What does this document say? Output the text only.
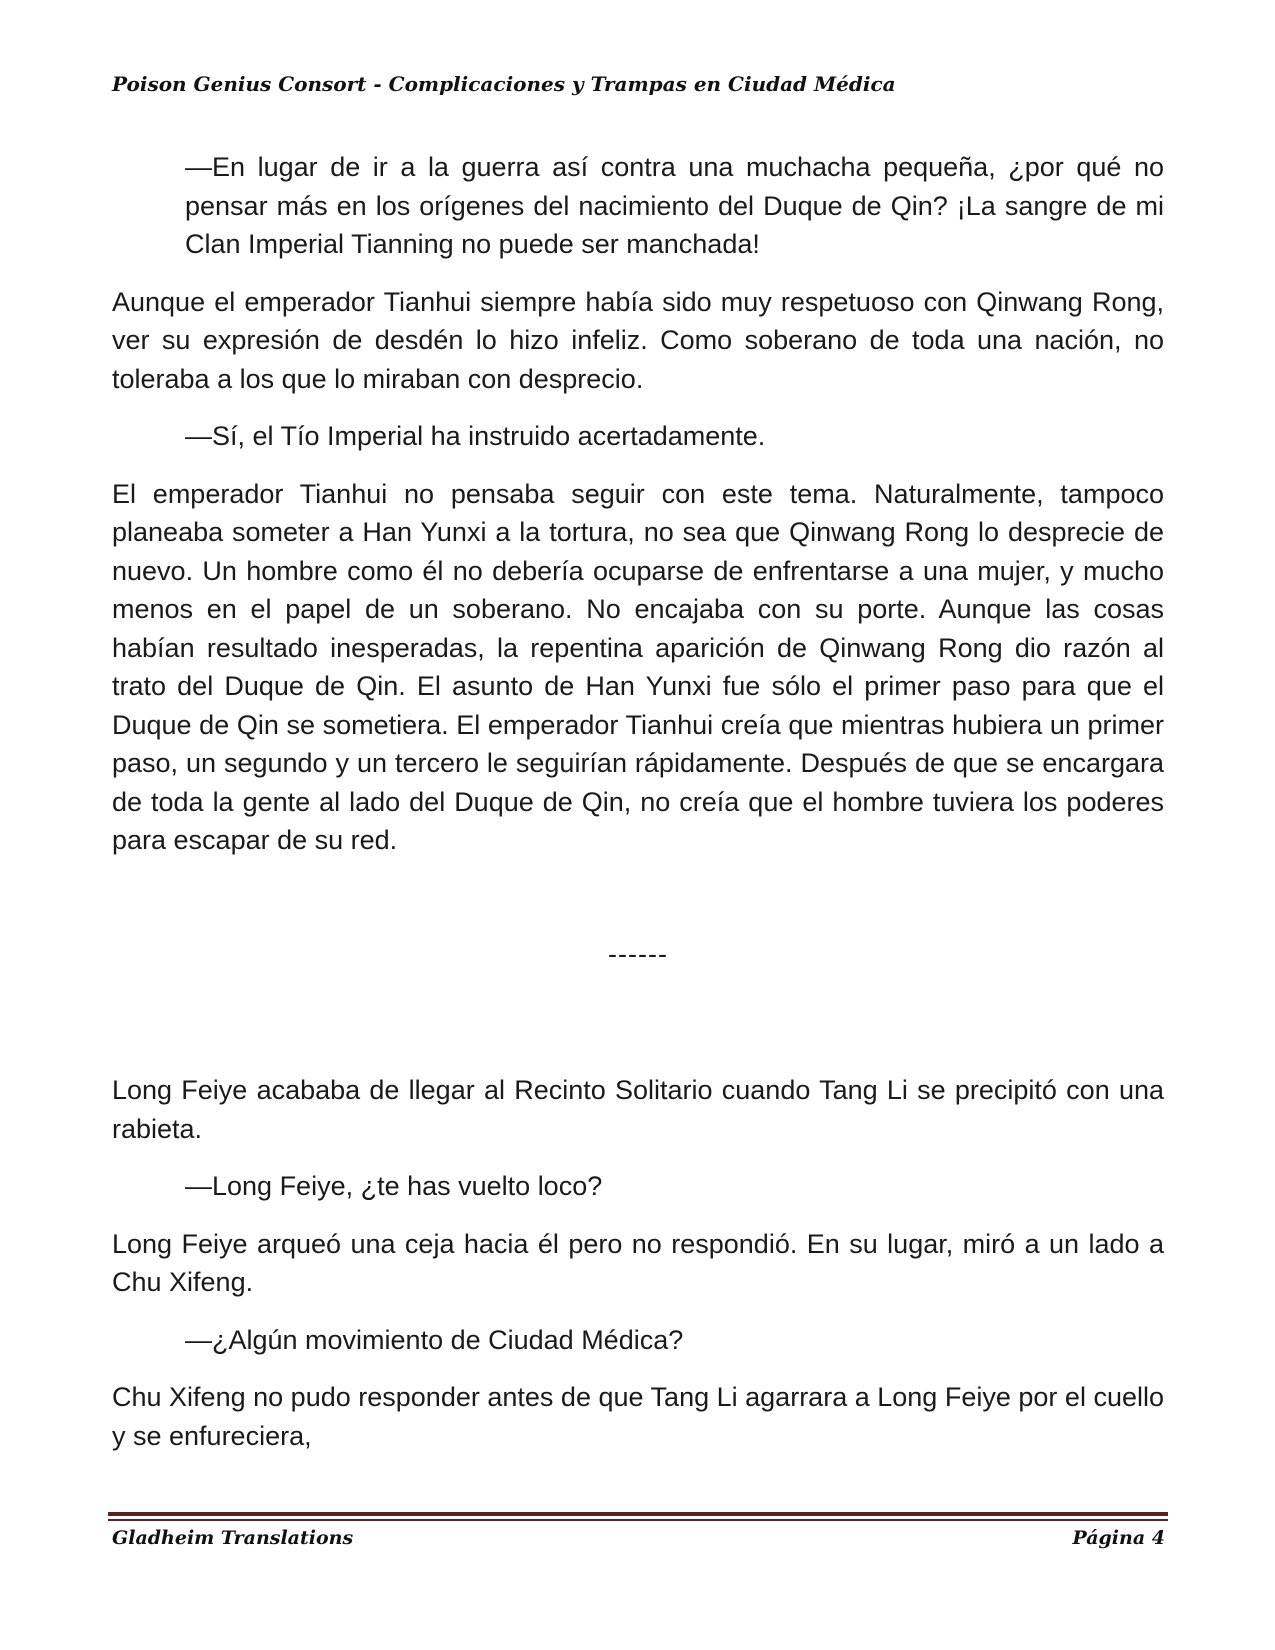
Poison Genius Consort - Complicaciones y Trampas en Ciudad Médica

—En lugar de ir a la guerra así contra una muchacha pequeña, ¿por qué no pensar más en los orígenes del nacimiento del Duque de Qin? ¡La sangre de mi Clan Imperial Tianning no puede ser manchada!

Aunque el emperador Tianhui siempre había sido muy respetuoso con Qinwang Rong, ver su expresión de desdén lo hizo infeliz. Como soberano de toda una nación, no toleraba a los que lo miraban con desprecio.

—Sí, el Tío Imperial ha instruido acertadamente.

El emperador Tianhui no pensaba seguir con este tema. Naturalmente, tampoco planeaba someter a Han Yunxi a la tortura, no sea que Qinwang Rong lo desprecie de nuevo. Un hombre como él no debería ocuparse de enfrentarse a una mujer, y mucho menos en el papel de un soberano. No encajaba con su porte. Aunque las cosas habían resultado inesperadas, la repentina aparición de Qinwang Rong dio razón al trato del Duque de Qin. El asunto de Han Yunxi fue sólo el primer paso para que el Duque de Qin se sometiera. El emperador Tianhui creía que mientras hubiera un primer paso, un segundo y un tercero le seguirían rápidamente. Después de que se encargara de toda la gente al lado del Duque de Qin, no creía que el hombre tuviera los poderes para escapar de su red.

------

Long Feiye acababa de llegar al Recinto Solitario cuando Tang Li se precipitó con una rabieta.

—Long Feiye, ¿te has vuelto loco?

Long Feiye arqueó una ceja hacia él pero no respondió. En su lugar, miró a un lado a Chu Xifeng.

—¿Algún movimiento de Ciudad Médica?

Chu Xifeng no pudo responder antes de que Tang Li agarrara a Long Feiye por el cuello y se enfureciera,

Gladheim Translations	Página 4
